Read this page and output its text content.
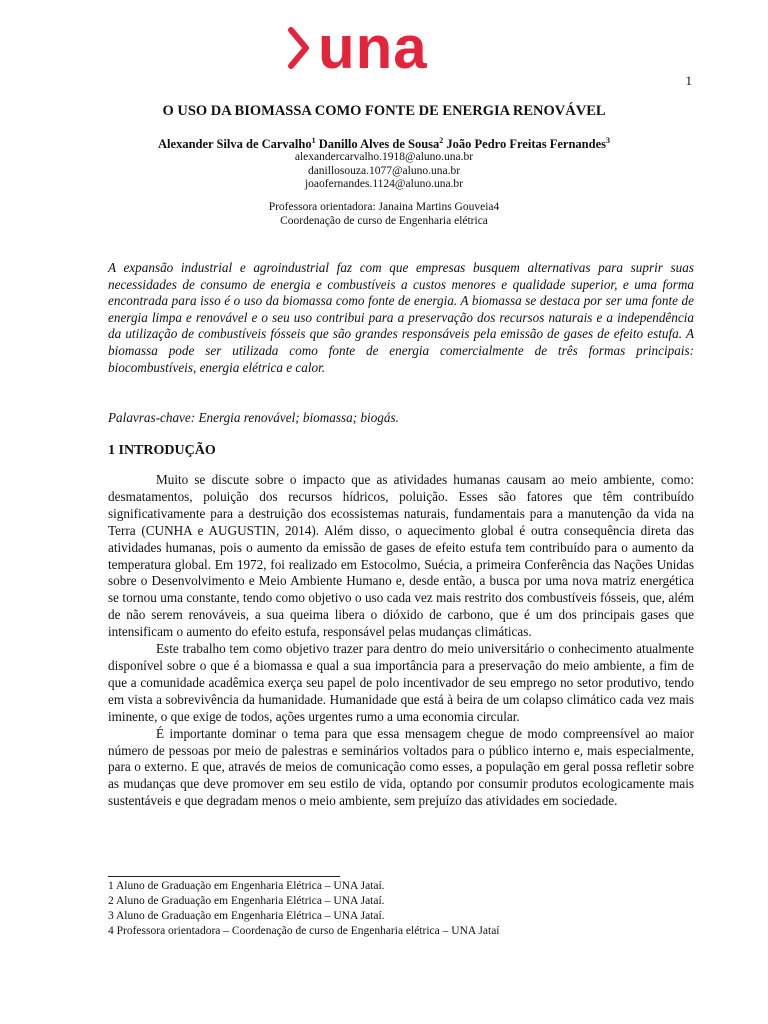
una	1
O USO DA BIOMASSA COMO FONTE DE ENERGIA RENOVÁVEL
Alexander Silva de Carvalho$^1$ Danillo Alves de Sousa$^2$ João Pedro Freitas Fernandes$^3$
alexandercarvalho.1918@aluno.una.br
danillosouza.1077@aluno.una.br
joaofernandes.1124@aluno.una.br
Professora orientadora: Janaina Martins Gouveia4
Coordenação de curso de Engenharia elétrica

A expansão industrial e agroindustrial faz com que empresas busquem alternativas para suprir suas necessidades de consumo de energia e combustíveis a custos menores e qualidade superior, e uma forma encontrada para isso é o uso da biomassa como fonte de energia. A biomassa se destaca por ser uma fonte de energia limpa e renovável e o seu uso contribui para a preservação dos recursos naturais e a independência da utilização de combustíveis fósseis que são grandes responsáveis pela emissão de gases de efeito estufa. A biomassa pode ser utilizada como fonte de energia comercialmente de três formas principais: biocombustíveis, energia elétrica e calor.

Palavras-chave: Energia renovável; biomassa; biogás.
1 INTRODUÇÃO

Muito se discute sobre o impacto que as atividades humanas causam ao meio ambiente, como: desmatamentos, poluição dos recursos hídricos, poluição. Esses são fatores que têm contribuído significativamente para a destruição dos ecossistemas naturais, fundamentais para a manutenção da vida na Terra (CUNHA e AUGUSTIN, 2014). Além disso, o aquecimento global é outra consequência direta das atividades humanas, pois o aumento da emissão de gases de efeito estufa tem contribuído para o aumento da temperatura global. Em 1972, foi realizado em Estocolmo, Suécia, a primeira Conferência das Nações Unidas sobre o Desenvolvimento e Meio Ambiente Humano e, desde então, a busca por uma nova matriz energética se tornou uma constante, tendo como objetivo o uso cada vez mais restrito dos combustíveis fósseis, que, além de não serem renováveis, a sua queima libera o dióxido de carbono, que é um dos principais gases que intensificam o aumento do efeito estufa, responsável pelas mudanças climáticas.

Este trabalho tem como objetivo trazer para dentro do meio universitário o conhecimento atualmente disponível sobre o que é a biomassa e qual a sua importância para a preservação do meio ambiente, a fim de que a comunidade acadêmica exerça seu papel de polo incentivador de seu emprego no setor produtivo, tendo em vista a sobrevivência da humanidade. Humanidade que está à beira de um colapso climático cada vez mais iminente, o que exige de todos, ações urgentes rumo a uma economia circular.

É importante dominar o tema para que essa mensagem chegue de modo compreensível ao maior número de pessoas por meio de palestras e seminários voltados para o público interno e, mais especialmente, para o externo. E que, através de meios de comunicação como esses, a população em geral possa refletir sobre as mudanças que deve promover em seu estilo de vida, optando por consumir produtos ecologicamente mais sustentáveis e que degradam menos o meio ambiente, sem prejuízo das atividades em sociedade.

1 Aluno de Graduação em Engenharia Elétrica – UNA Jataí.
2 Aluno de Graduação em Engenharia Elétrica – UNA Jataí.
3 Aluno de Graduação em Engenharia Elétrica – UNA Jataí.
4 Professora orientadora – Coordenação de curso de Engenharia elétrica – UNA Jataí
